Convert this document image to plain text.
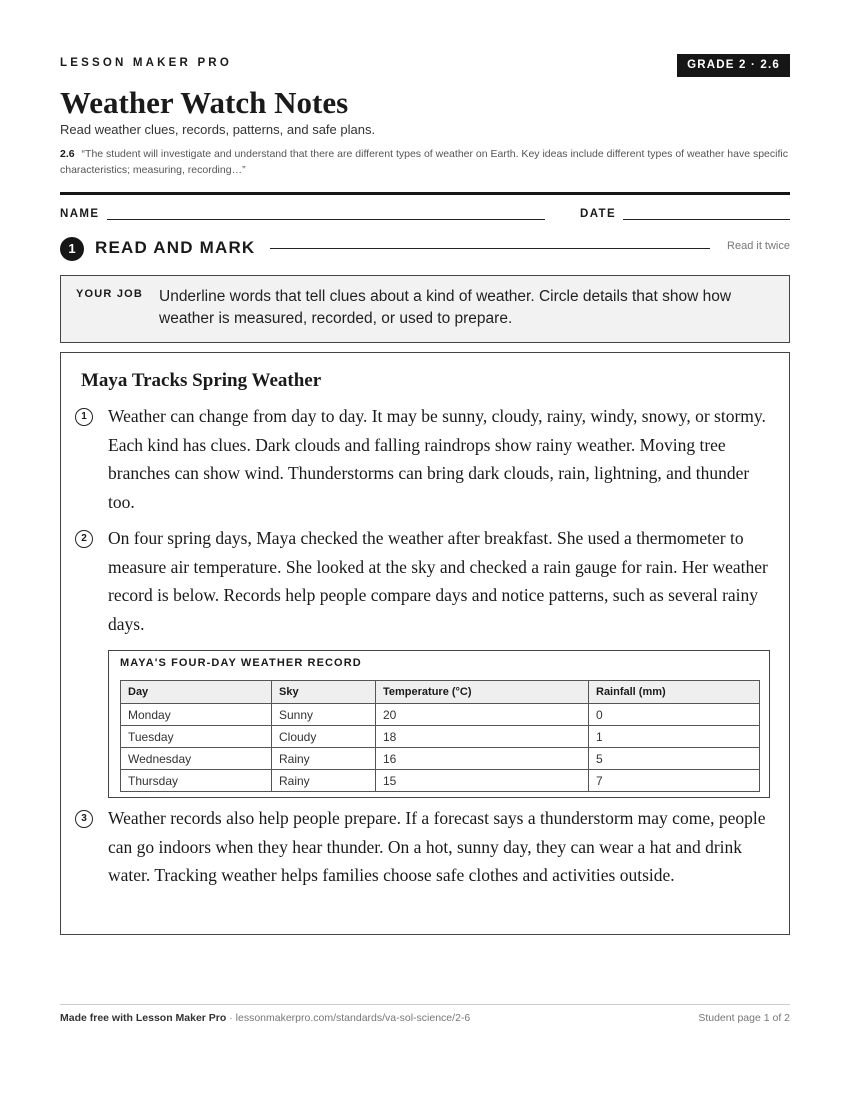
LESSON MAKER PRO	GRADE 2 · 2.6
Weather Watch Notes
Read weather clues, records, patterns, and safe plans.
2.6 “The student will investigate and understand that there are different types of weather on Earth. Key ideas include different types of weather have specific characteristics; measuring, recording…”
NAME	DATE
1	READ AND MARK	Read it twice
YOUR JOB Underline words that tell clues about a kind of weather. Circle details that show how weather is measured, recorded, or used to prepare.
Maya Tracks Spring Weather
1	Weather can change from day to day. It may be sunny, cloudy, rainy, windy, snowy, or stormy. Each kind has clues. Dark clouds and falling raindrops show rainy weather. Moving tree branches can show wind. Thunderstorms can bring dark clouds, rain, lightning, and thunder too.

2	On four spring days, Maya checked the weather after breakfast. She used a thermometer to measure air temperature. She looked at the sky and checked a rain gauge for rain. Her weather record is below. Records help people compare days and notice patterns, such as several rainy days.

MAYA'S FOUR-DAY WEATHER RECORD
Day	Sky	Temperature (°C)	Rainfall (mm)
Monday	Sunny	20	0
Tuesday	Cloudy	18	1
Wednesday	Rainy	16	5
Thursday	Rainy	15	7
3	Weather records also help people prepare. If a forecast says a thunderstorm may come, people can go indoors when they hear thunder. On a hot, sunny day, they can wear a hat and drink water. Tracking weather helps families choose safe clothes and activities outside.

Made free with Lesson Maker Pro · lessonmakerpro.com/standards/va-sol-science/2-6	Student page 1 of 2
